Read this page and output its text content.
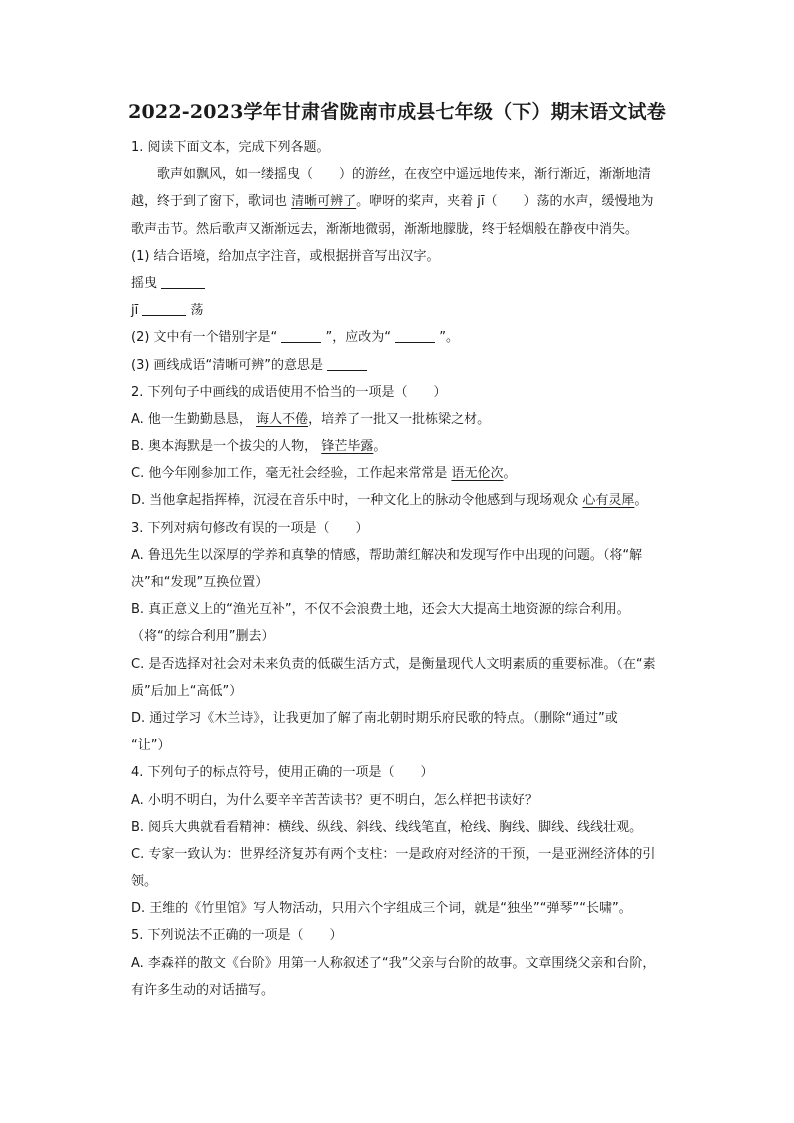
2022-2023学年甘肃省陇南市成县七年级（下）期末语文试卷
1. 阅读下面文本，完成下列各题。
歌声如飘风，如一缕摇曳（　　）的游丝，在夜空中遥远地传来，渐行渐近，渐渐地清
越，终于到了窗下，歌词也 清晰可辨了。咿呀的桨声，夹着 jī（　　）荡的水声，缓慢地为
歌声击节。然后歌声又渐渐远去，渐渐地微弱，渐渐地朦胧，终于轻烟般在静夜中消失。
(1) 结合语境，给加点字注音，或根据拼音写出汉字。
摇曳
jī	荡
(2) 文中有一个错别字是“	”，应改为“	”。
(3) 画线成语“清晰可辨”的意思是
2. 下列句子中画线的成语使用不恰当的一项是（　　）
A. 他一生勤勤恳恳， 诲人不倦，培养了一批又一批栋梁之材。
B. 奥本海默是一个拔尖的人物， 锋芒毕露。
C. 他今年刚参加工作，毫无社会经验，工作起来常常是 语无伦次。
D. 当他拿起指挥棒，沉浸在音乐中时，一种文化上的脉动令他感到与现场观众 心有灵犀。
3. 下列对病句修改有误的一项是（　　）
A. 鲁迅先生以深厚的学养和真挚的情感，帮助萧红解决和发现写作中出现的问题。（将“解
决”和“发现”互换位置）
B. 真正意义上的“渔光互补”，不仅不会浪费土地，还会大大提高土地资源的综合利用。
（将“的综合利用”删去）
C. 是否选择对社会对未来负责的低碳生活方式，是衡量现代人文明素质的重要标准。（在“素
质”后加上“高低”）
D. 通过学习《木兰诗》，让我更加了解了南北朝时期乐府民歌的特点。（删除“通过”或
“让”）
4. 下列句子的标点符号，使用正确的一项是（　　）
A. 小明不明白，为什么要辛辛苦苦读书？更不明白，怎么样把书读好？
B. 阅兵大典就看看精神：横线、纵线、斜线、线线笔直，枪线、胸线、脚线、线线壮观。
C. 专家一致认为：世界经济复苏有两个支柱：一是政府对经济的干预，一是亚洲经济体的引
领。
D. 王维的《竹里馆》写人物活动，只用六个字组成三个词，就是“独坐”“弹琴”“长啸”。
5. 下列说法不正确的一项是（　　）
A. 李森祥的散文《台阶》用第一人称叙述了“我”父亲与台阶的故事。文章围绕父亲和台阶，
有许多生动的对话描写。
